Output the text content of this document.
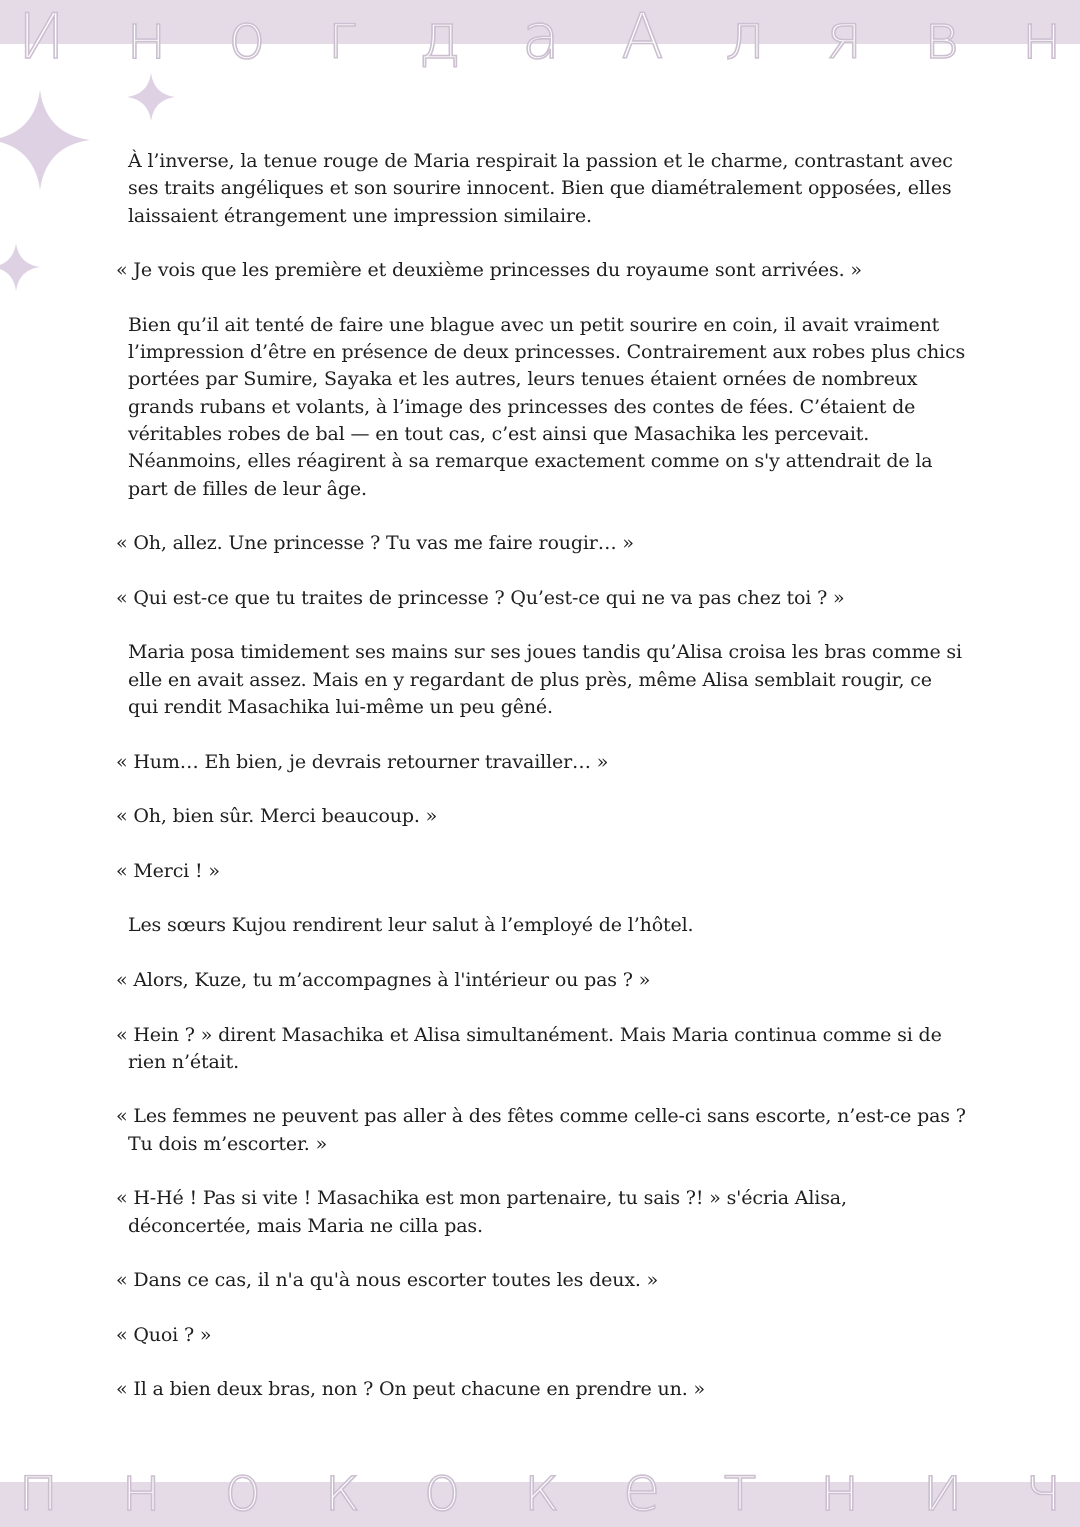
И н о г д а А л я в н

À l’inverse, la tenue rouge de Maria respirait la passion et le charme, contrastant avec ses traits angéliques et son sourire innocent. Bien que diamétralement opposées, elles laissaient étrangement une impression similaire.

« Je vois que les première et deuxième princesses du royaume sont arrivées. »

Bien qu’il ait tenté de faire une blague avec un petit sourire en coin, il avait vraiment l’impression d’être en présence de deux princesses. Contrairement aux robes plus chics portées par Sumire, Sayaka et les autres, leurs tenues étaient ornées de nombreux grands rubans et volants, à l’image des princesses des contes de fées. C’étaient de véritables robes de bal — en tout cas, c’est ainsi que Masachika les percevait. Néanmoins, elles réagirent à sa remarque exactement comme on s'y attendrait de la part de filles de leur âge.

« Oh, allez. Une princesse ? Tu vas me faire rougir… »

« Qui est-ce que tu traites de princesse ? Qu’est-ce qui ne va pas chez toi ? »

Maria posa timidement ses mains sur ses joues tandis qu’Alisa croisa les bras comme si elle en avait assez. Mais en y regardant de plus près, même Alisa semblait rougir, ce qui rendit Masachika lui-même un peu gêné.

« Hum… Eh bien, je devrais retourner travailler… »

« Oh, bien sûr. Merci beaucoup. »

« Merci ! »

Les sœurs Kujou rendirent leur salut à l’employé de l’hôtel.

« Alors, Kuze, tu m’accompagnes à l'intérieur ou pas ? »

« Hein ? » dirent Masachika et Alisa simultanément. Mais Maria continua comme si de rien n’était.

« Les femmes ne peuvent pas aller à des fêtes comme celle-ci sans escorte, n’est-ce pas ? Tu dois m’escorter. »

« H-Hé ! Pas si vite ! Masachika est mon partenaire, tu sais ?! » s'écria Alisa, déconcertée, mais Maria ne cilla pas.

« Dans ce cas, il n'a qu'à nous escorter toutes les deux. »

« Quoi ? »

« Il a bien deux bras, non ? On peut chacune en prendre un. »

п н о к о к е т н и ч
